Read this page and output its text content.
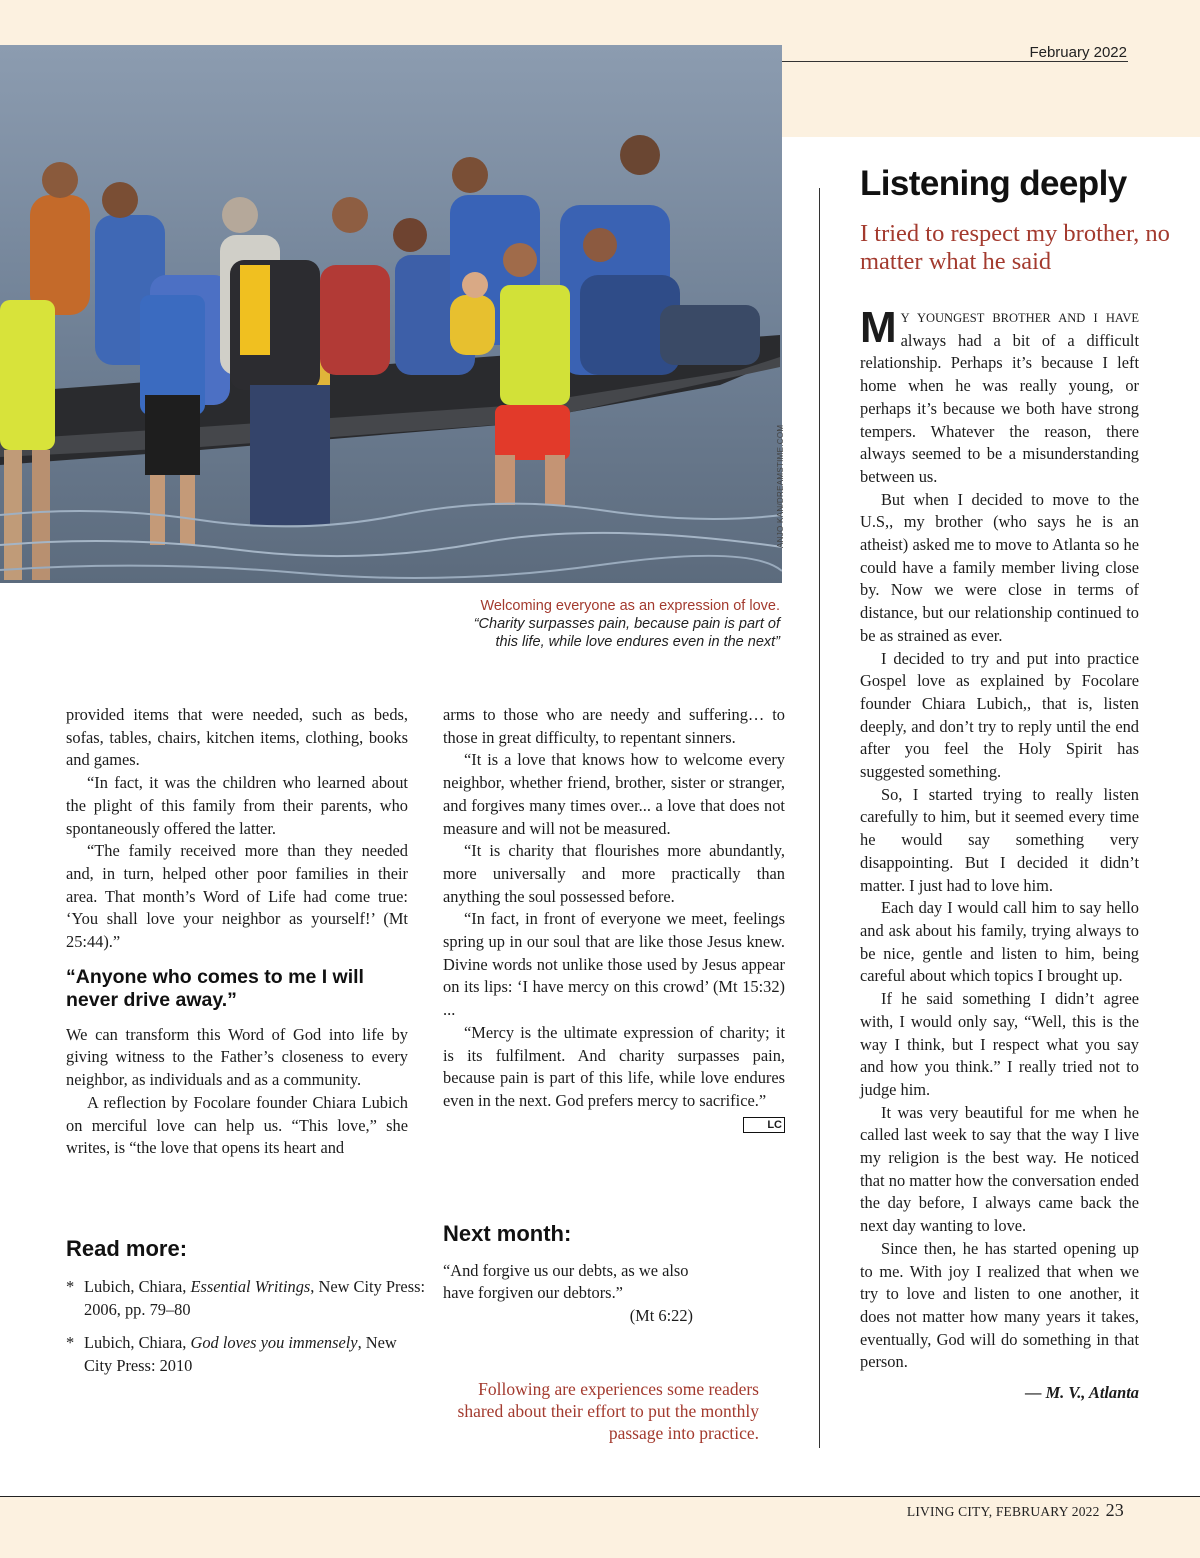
February 2022
ANJO KAN/DREAMSTIME.COM
Welcoming everyone as an expression of love.
“Charity surpasses pain, because pain is part of
this life, while love endures even in the next”

provided items that were needed, such as beds, sofas, tables, chairs, kitchen items, clothing, books and games.

“In fact, it was the children who learned about the plight of this family from their parents, who spontaneously offered the latter.

“The family received more than they needed and, in turn, helped other poor families in their area. That month’s Word of Life had come true: ‘You shall love your neighbor as yourself!’ (Mt 25:44).”

“Anyone who comes to me I will never drive away.”

We can transform this Word of God into life by giving witness to the Father’s closeness to every neighbor, as individuals and as a community.

A reflection by Focolare founder Chiara Lubich on merciful love can help us. “This love,” she writes, is “the love that opens its heart and

arms to those who are needy and suffering… to those in great difficulty, to repentant sinners.

“It is a love that knows how to welcome every neighbor, whether friend, brother, sister or stranger, and forgives many times over... a love that does not measure and will not be measured.

“It is charity that flourishes more abundantly, more universally and more practically than anything the soul possessed before.

“In fact, in front of everyone we meet, feelings spring up in our soul that are like those Jesus knew. Divine words not unlike those used by Jesus appear on its lips: ‘I have mercy on this crowd’ (Mt 15:32) ...

“Mercy is the ultimate expression of charity; it is its fulfilment. And charity surpasses pain, because pain is part of this life, while love endures even in the next. God prefers mercy to sacrifice.”
LC

Read more:

* Lubich, Chiara, Essential Writings, New City Press: 2006, pp. 79–80

* Lubich, Chiara, God loves you immensely, New City Press: 2010

Next month:

“And forgive us our debts, as we also have forgiven our debtors.”

(Mt 6:22)

Following are experiences some readers shared about their effort to put the monthly passage into practice.
Listening deeply
I tried to respect my brother, no matter what he said

M Y YOUNGEST BROTHER AND I HAVE always had a bit of a difficult relationship. Perhaps it’s because I left home when he was really young, or perhaps it’s because we both have strong tempers. Whatever the reason, there always seemed to be a misunderstanding between us.

But when I decided to move to the U.S,, my brother (who says he is an atheist) asked me to move to Atlanta so he could have a family member living close by. Now we were close in terms of distance, but our relationship continued to be as strained as ever.

I decided to try and put into practice Gospel love as explained by Focolare founder Chiara Lubich,, that is, listen deeply, and don’t try to reply until the end after you feel the Holy Spirit has suggested something.

So, I started trying to really listen carefully to him, but it seemed every time he would say something very disappointing. But I decided it didn’t matter. I just had to love him.

Each day I would call him to say hello and ask about his family, trying always to be nice, gentle and listen to him, being careful about which topics I brought up.

If he said something I didn’t agree with, I would only say, “Well, this is the way I think, but I respect what you say and how you think.” I really tried not to judge him.

It was very beautiful for me when he called last week to say that the way I live my religion is the best way. He noticed that no matter how the conversation ended the day before, I always came back the next day wanting to love.

Since then, he has started opening up to me. With joy I realized that when we try to love and listen to one another, it does not matter how many years it takes, eventually, God will do something in that person.

— M. V., Atlanta

LIVING CITY, FEBRUARY 2022 23
